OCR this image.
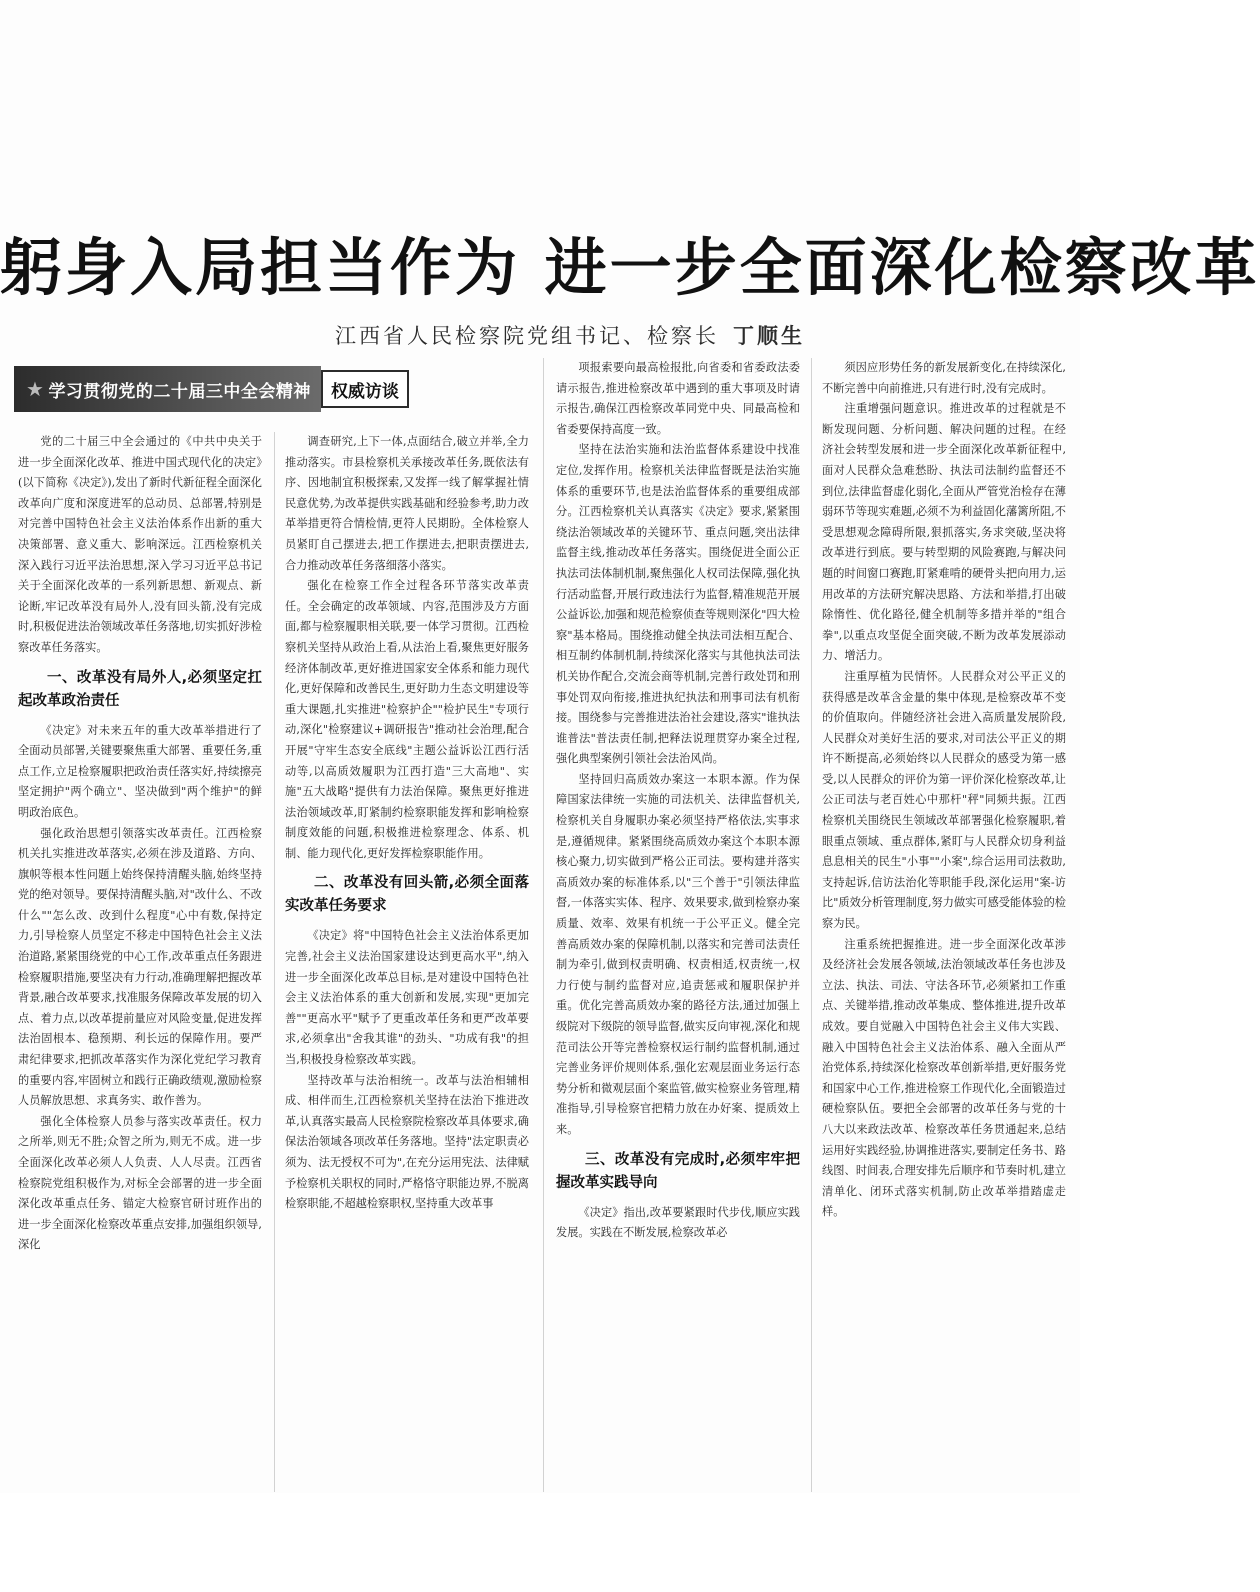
躬身入局担当作为 进一步全面深化检察改革
江西省人民检察院党组书记、检察长 丁顺生
★ 学习贯彻党的二十届三中全会精神	权威访谈

党的二十届三中全会通过的《中共中央关于进一步全面深化改革、推进中国式现代化的决定》(以下简称《决定》),发出了新时代新征程全面深化改革向广度和深度进军的总动员、总部署,特别是对完善中国特色社会主义法治体系作出新的重大决策部署、意义重大、影响深远。江西检察机关深入践行习近平法治思想,深入学习习近平总书记关于全面深化改革的一系列新思想、新观点、新论断,牢记改革没有局外人,没有回头箭,没有完成时,积极促进法治领域改革任务落地,切实抓好涉检察改革任务落实。

一、改革没有局外人,必须坚定扛起改革政治责任

《决定》对未来五年的重大改革举措进行了全面动员部署,关键要聚焦重大部署、重要任务,重点工作,立足检察履职把政治责任落实好,持续擦亮坚定拥护"两个确立"、坚决做到"两个维护"的鲜明政治底色。

强化政治思想引领落实改革责任。江西检察机关扎实推进改革落实,必须在涉及道路、方向、旗帜等根本性问题上始终保持清醒头脑,始终坚持党的绝对领导。要保持清醒头脑,对"改什么、不改什么""怎么改、改到什么程度"心中有数,保持定力,引导检察人员坚定不移走中国特色社会主义法治道路,紧紧围绕党的中心工作,改革重点任务跟进检察履职措施,要坚决有力行动,准确理解把握改革背景,融合改革要求,找准服务保障改革发展的切入点、着力点,以改革提前量应对风险变量,促进发挥法治固根本、稳预期、利长远的保障作用。要严肃纪律要求,把抓改革落实作为深化党纪学习教育的重要内容,牢固树立和践行正确政绩观,激励检察人员解放思想、求真务实、敢作善为。

强化全体检察人员参与落实改革责任。权力之所举,则无不胜;众智之所为,则无不成。进一步全面深化改革必须人人负责、人人尽责。江西省检察院党组积极作为,对标全会部署的进一步全面深化改革重点任务、锚定大检察官研讨班作出的进一步全面深化检察改革重点安排,加强组织领导,深化

调查研究,上下一体,点面结合,破立并举,全力推动落实。市县检察机关承接改革任务,既依法有序、因地制宜积极探索,又发挥一线了解掌握社情民意优势,为改革提供实践基础和经验参考,助力改革举措更符合情检情,更符人民期盼。全体检察人员紧盯自己摆进去,把工作摆进去,把职责摆进去,合力推动改革任务落细落小落实。

强化在检察工作全过程各环节落实改革责任。全会确定的改革领域、内容,范围涉及方方面面,都与检察履职相关联,要一体学习贯彻。江西检察机关坚持从政治上看,从法治上看,聚焦更好服务经济体制改革,更好推进国家安全体系和能力现代化,更好保障和改善民生,更好助力生态文明建设等重大课题,扎实推进"检察护企""检护民生"专项行动,深化"检察建议+调研报告"推动社会治理,配合开展"守牢生态安全底线"主题公益诉讼江西行活动等,以高质效履职为江西打造"三大高地"、实施"五大战略"提供有力法治保障。聚焦更好推进法治领域改革,盯紧制约检察职能发挥和影响检察制度效能的问题,积极推进检察理念、体系、机制、能力现代化,更好发挥检察职能作用。

二、改革没有回头箭,必须全面落实改革任务要求

《决定》将"中国特色社会主义法治体系更加完善,社会主义法治国家建设达到更高水平",纳入进一步全面深化改革总目标,是对建设中国特色社会主义法治体系的重大创新和发展,实现"更加完善""更高水平"赋予了更重改革任务和更严改革要求,必须拿出"舍我其谁"的劲头、"功成有我"的担当,积极投身检察改革实践。

坚持改革与法治相统一。改革与法治相辅相成、相伴而生,江西检察机关坚持在法治下推进改革,认真落实最高人民检察院检察改革具体要求,确保法治领域各项改革任务落地。坚持"法定职责必须为、法无授权不可为",在充分运用宪法、法律赋予检察机关职权的同时,严格恪守职能边界,不脱离检察职能,不超越检察职权,坚持重大改革事

项报索要向最高检报批,向省委和省委政法委请示报告,推进检察改革中遇到的重大事项及时请示报告,确保江西检察改革同党中央、同最高检和省委要保持高度一致。

坚持在法治实施和法治监督体系建设中找准定位,发挥作用。检察机关法律监督既是法治实施体系的重要环节,也是法治监督体系的重要组成部分。江西检察机关认真落实《决定》要求,紧紧围绕法治领域改革的关键环节、重点问题,突出法律监督主线,推动改革任务落实。围绕促进全面公正执法司法体制机制,聚焦强化人权司法保障,强化执行活动监督,开展行政违法行为监督,精准规范开展公益诉讼,加强和规范检察侦查等规则深化"四大检察"基本格局。围绕推动健全执法司法相互配合、相互制约体制机制,持续深化落实与其他执法司法机关协作配合,交流会商等机制,完善行政处罚和刑事处罚双向衔接,推进执纪执法和刑事司法有机衔接。围绕参与完善推进法治社会建设,落实"谁执法谁普法"普法责任制,把释法说理贯穿办案全过程,强化典型案例引领社会法治风尚。

坚持回归高质效办案这一本职本源。作为保障国家法律统一实施的司法机关、法律监督机关,检察机关自身履职办案必须坚持严格依法,实事求是,遵循规律。紧紧围绕高质效办案这个本职本源核心聚力,切实做到严格公正司法。要构建并落实高质效办案的标准体系,以"三个善于"引领法律监督,一体落实实体、程序、效果要求,做到检察办案质量、效率、效果有机统一于公平正义。健全完善高质效办案的保障机制,以落实和完善司法责任制为牵引,做到权责明确、权责相适,权责统一,权力行使与制约监督对应,追责惩戒和履职保护并重。优化完善高质效办案的路径方法,通过加强上级院对下级院的领导监督,做实反向审视,深化和规范司法公开等完善检察权运行制约监督机制,通过完善业务评价规则体系,强化宏观层面业务运行态势分析和微观层面个案监管,做实检察业务管理,精准指导,引导检察官把精力放在办好案、提质效上来。

三、改革没有完成时,必须牢牢把握改革实践导向

《决定》指出,改革要紧跟时代步伐,顺应实践发展。实践在不断发展,检察改革必

须因应形势任务的新发展新变化,在持续深化,不断完善中向前推进,只有进行时,没有完成时。

注重增强问题意识。推进改革的过程就是不断发现问题、分析问题、解决问题的过程。在经济社会转型发展和进一步全面深化改革新征程中,面对人民群众急难愁盼、执法司法制约监督还不到位,法律监督虚化弱化,全面从严管党治检存在薄弱环节等现实难题,必须不为利益固化藩篱所阻,不受思想观念障碍所限,狠抓落实,务求突破,坚决将改革进行到底。要与转型期的风险赛跑,与解决问题的时间窗口赛跑,盯紧难啃的硬骨头把向用力,运用改革的方法研究解决思路、方法和举措,打出破除惰性、优化路径,健全机制等多措并举的"组合拳",以重点攻坚促全面突破,不断为改革发展添动力、增活力。

注重厚植为民情怀。人民群众对公平正义的获得感是改革含金量的集中体现,是检察改革不变的价值取向。伴随经济社会进入高质量发展阶段,人民群众对美好生活的要求,对司法公平正义的期许不断提高,必须始终以人民群众的感受为第一感受,以人民群众的评价为第一评价深化检察改革,让公正司法与老百姓心中那杆"秤"同频共振。江西检察机关围绕民生领域改革部署强化检察履职,着眼重点领域、重点群体,紧盯与人民群众切身利益息息相关的民生"小事""小案",综合运用司法救助,支持起诉,信访法治化等职能手段,深化运用"案-访比"质效分析管理制度,努力做实可感受能体验的检察为民。

注重系统把握推进。进一步全面深化改革涉及经济社会发展各领域,法治领域改革任务也涉及立法、执法、司法、守法各环节,必须紧扣工作重点、关键举措,推动改革集成、整体推进,提升改革成效。要自觉融入中国特色社会主义伟大实践、融入中国特色社会主义法治体系、融入全面从严治党体系,持续深化检察改革创新举措,更好服务党和国家中心工作,推进检察工作现代化,全面锻造过硬检察队伍。要把全会部署的改革任务与党的十八大以来政法改革、检察改革任务贯通起来,总结运用好实践经验,协调推进落实,要制定任务书、路线图、时间表,合理安排先后顺序和节奏时机,建立清单化、闭环式落实机制,防止改革举措踏虚走样。
